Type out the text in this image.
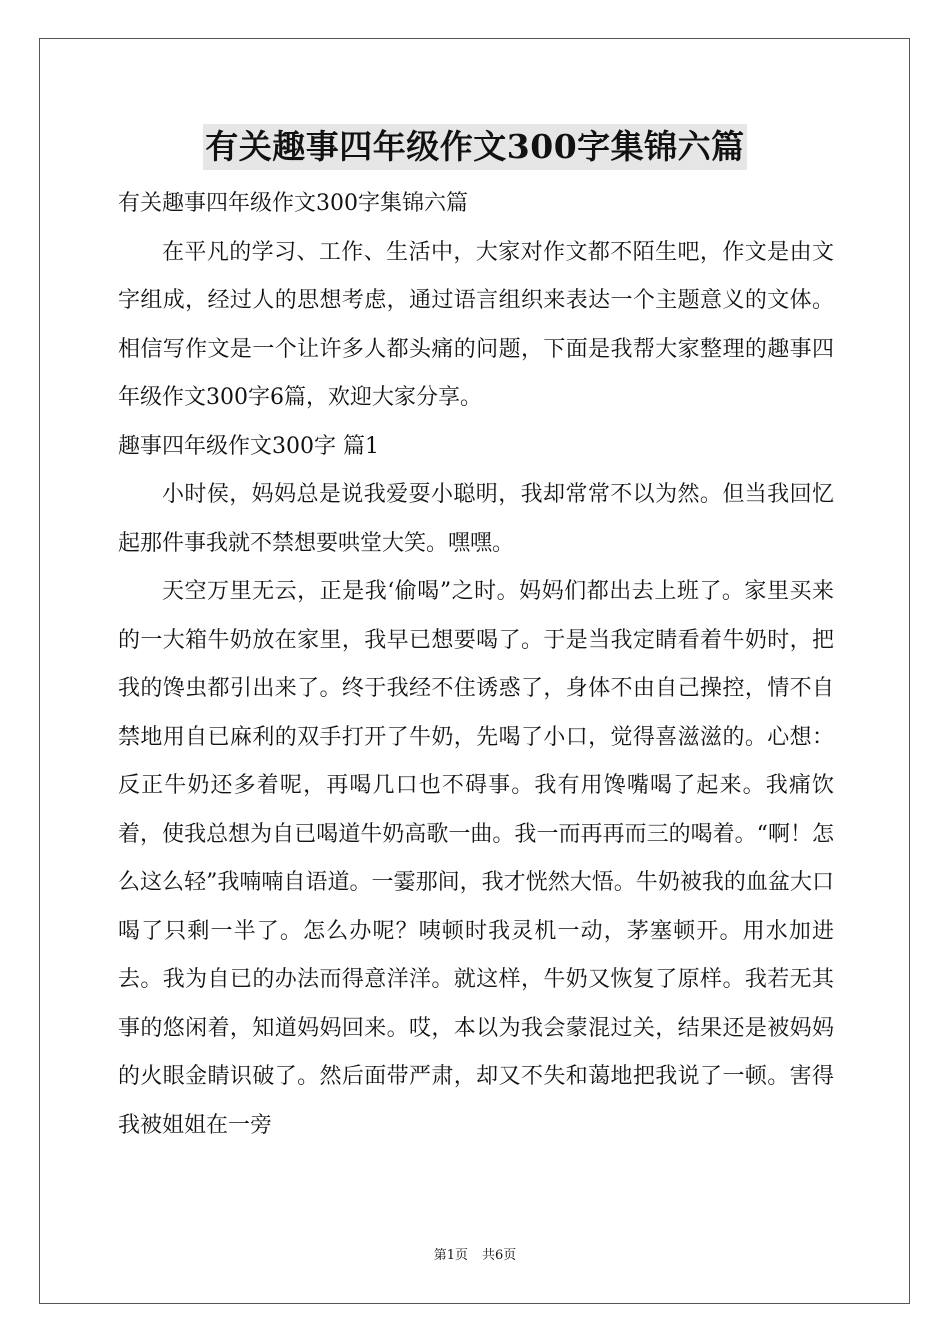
有关趣事四年级作文300字集锦六篇

有关趣事四年级作文300字集锦六篇

在平凡的学习、工作、生活中，大家对作文都不陌生吧，作文是由文字组成，经过人的思想考虑，通过语言组织来表达一个主题意义的文体。相信写作文是一个让许多人都头痛的问题，下面是我帮大家整理的趣事四年级作文300字6篇，欢迎大家分享。

趣事四年级作文300字 篇1

小时侯，妈妈总是说我爱耍小聪明，我却常常不以为然。但当我回忆起那件事我就不禁想要哄堂大笑。嘿嘿。

天空万里无云，正是我‘偷喝”之时。妈妈们都出去上班了。家里买来的一大箱牛奶放在家里，我早已想要喝了。于是当我定睛看着牛奶时，把我的馋虫都引出来了。终于我经不住诱惑了，身体不由自己操控，情不自禁地用自已麻利的双手打开了牛奶，先喝了小口，觉得喜滋滋的。心想：反正牛奶还多着呢，再喝几口也不碍事。我有用馋嘴喝了起来。我痛饮着，使我总想为自已喝道牛奶高歌一曲。我一而再再而三的喝着。“啊！怎么这么轻”我喃喃自语道。一霎那间，我才恍然大悟。牛奶被我的血盆大口喝了只剩一半了。怎么办呢？咦顿时我灵机一动，茅塞顿开。用水加进去。我为自已的办法而得意洋洋。就这样，牛奶又恢复了原样。我若无其事的悠闲着，知道妈妈回来。哎，本以为我会蒙混过关，结果还是被妈妈的火眼金睛识破了。然后面带严肃，却又不失和蔼地把我说了一顿。害得我被姐姐在一旁

第1页 共6页
